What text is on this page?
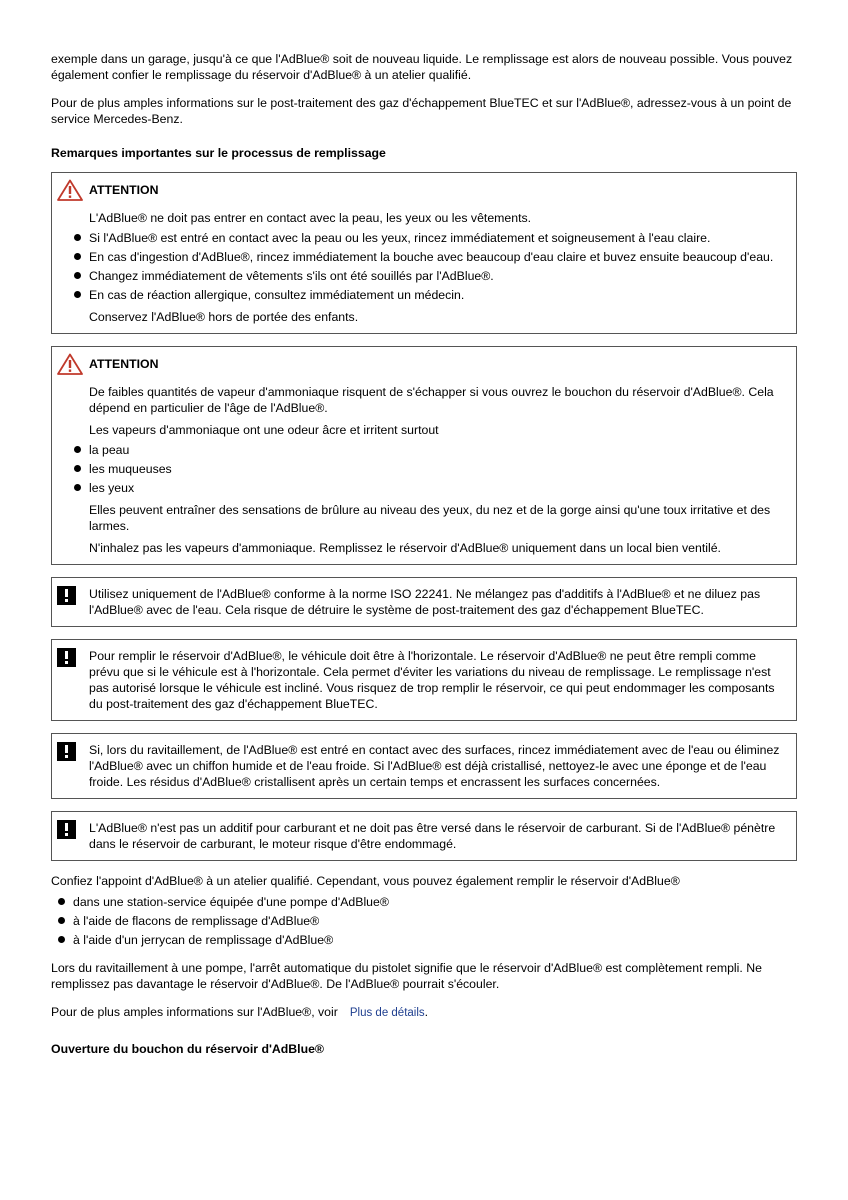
exemple dans un garage, jusqu'à ce que l'AdBlue® soit de nouveau liquide. Le remplissage est alors de nouveau possible. Vous pouvez également confier le remplissage du réservoir d'AdBlue® à un atelier qualifié.

Pour de plus amples informations sur le post-traitement des gaz d'échappement BlueTEC et sur l'AdBlue®, adressez-vous à un point de service Mercedes-Benz.

Remarques importantes sur le processus de remplissage

ATTENTION

L'AdBlue® ne doit pas entrer en contact avec la peau, les yeux ou les vêtements.

Si l'AdBlue® est entré en contact avec la peau ou les yeux, rincez immédiatement et soigneusement à l'eau claire.
En cas d'ingestion d'AdBlue®, rincez immédiatement la bouche avec beaucoup d'eau claire et buvez ensuite beaucoup d'eau.
Changez immédiatement de vêtements s'ils ont été souillés par l'AdBlue®.
En cas de réaction allergique, consultez immédiatement un médecin.

Conservez l'AdBlue® hors de portée des enfants.

ATTENTION

De faibles quantités de vapeur d'ammoniaque risquent de s'échapper si vous ouvrez le bouchon du réservoir d'AdBlue®. Cela dépend en particulier de l'âge de l'AdBlue®.

Les vapeurs d'ammoniaque ont une odeur âcre et irritent surtout

la peau
les muqueuses
les yeux

Elles peuvent entraîner des sensations de brûlure au niveau des yeux, du nez et de la gorge ainsi qu'une toux irritative et des larmes.

N'inhalez pas les vapeurs d'ammoniaque. Remplissez le réservoir d'AdBlue® uniquement dans un local bien ventilé.

Utilisez uniquement de l'AdBlue® conforme à la norme ISO 22241. Ne mélangez pas d'additifs à l'AdBlue® et ne diluez pas l'AdBlue® avec de l'eau. Cela risque de détruire le système de post-traitement des gaz d'échappement BlueTEC.

Pour remplir le réservoir d'AdBlue®, le véhicule doit être à l'horizontale. Le réservoir d'AdBlue® ne peut être rempli comme prévu que si le véhicule est à l'horizontale. Cela permet d'éviter les variations du niveau de remplissage. Le remplissage n'est pas autorisé lorsque le véhicule est incliné. Vous risquez de trop remplir le réservoir, ce qui peut endommager les composants du post-traitement des gaz d'échappement BlueTEC.

Si, lors du ravitaillement, de l'AdBlue® est entré en contact avec des surfaces, rincez immédiatement avec de l'eau ou éliminez l'AdBlue® avec un chiffon humide et de l'eau froide. Si l'AdBlue® est déjà cristallisé, nettoyez-le avec une éponge et de l'eau froide. Les résidus d'AdBlue® cristallisent après un certain temps et encrassent les surfaces concernées.

L'AdBlue® n'est pas un additif pour carburant et ne doit pas être versé dans le réservoir de carburant. Si de l'AdBlue® pénètre dans le réservoir de carburant, le moteur risque d'être endommagé.

Confiez l'appoint d'AdBlue® à un atelier qualifié. Cependant, vous pouvez également remplir le réservoir d'AdBlue®

dans une station-service équipée d'une pompe d'AdBlue®
à l'aide de flacons de remplissage d'AdBlue®
à l'aide d'un jerrycan de remplissage d'AdBlue®

Lors du ravitaillement à une pompe, l'arrêt automatique du pistolet signifie que le réservoir d'AdBlue® est complètement rempli. Ne remplissez pas davantage le réservoir d'AdBlue®. De l'AdBlue® pourrait s'écouler.

Pour de plus amples informations sur l'AdBlue®, voir Plus de détails.

Ouverture du bouchon du réservoir d'AdBlue®
